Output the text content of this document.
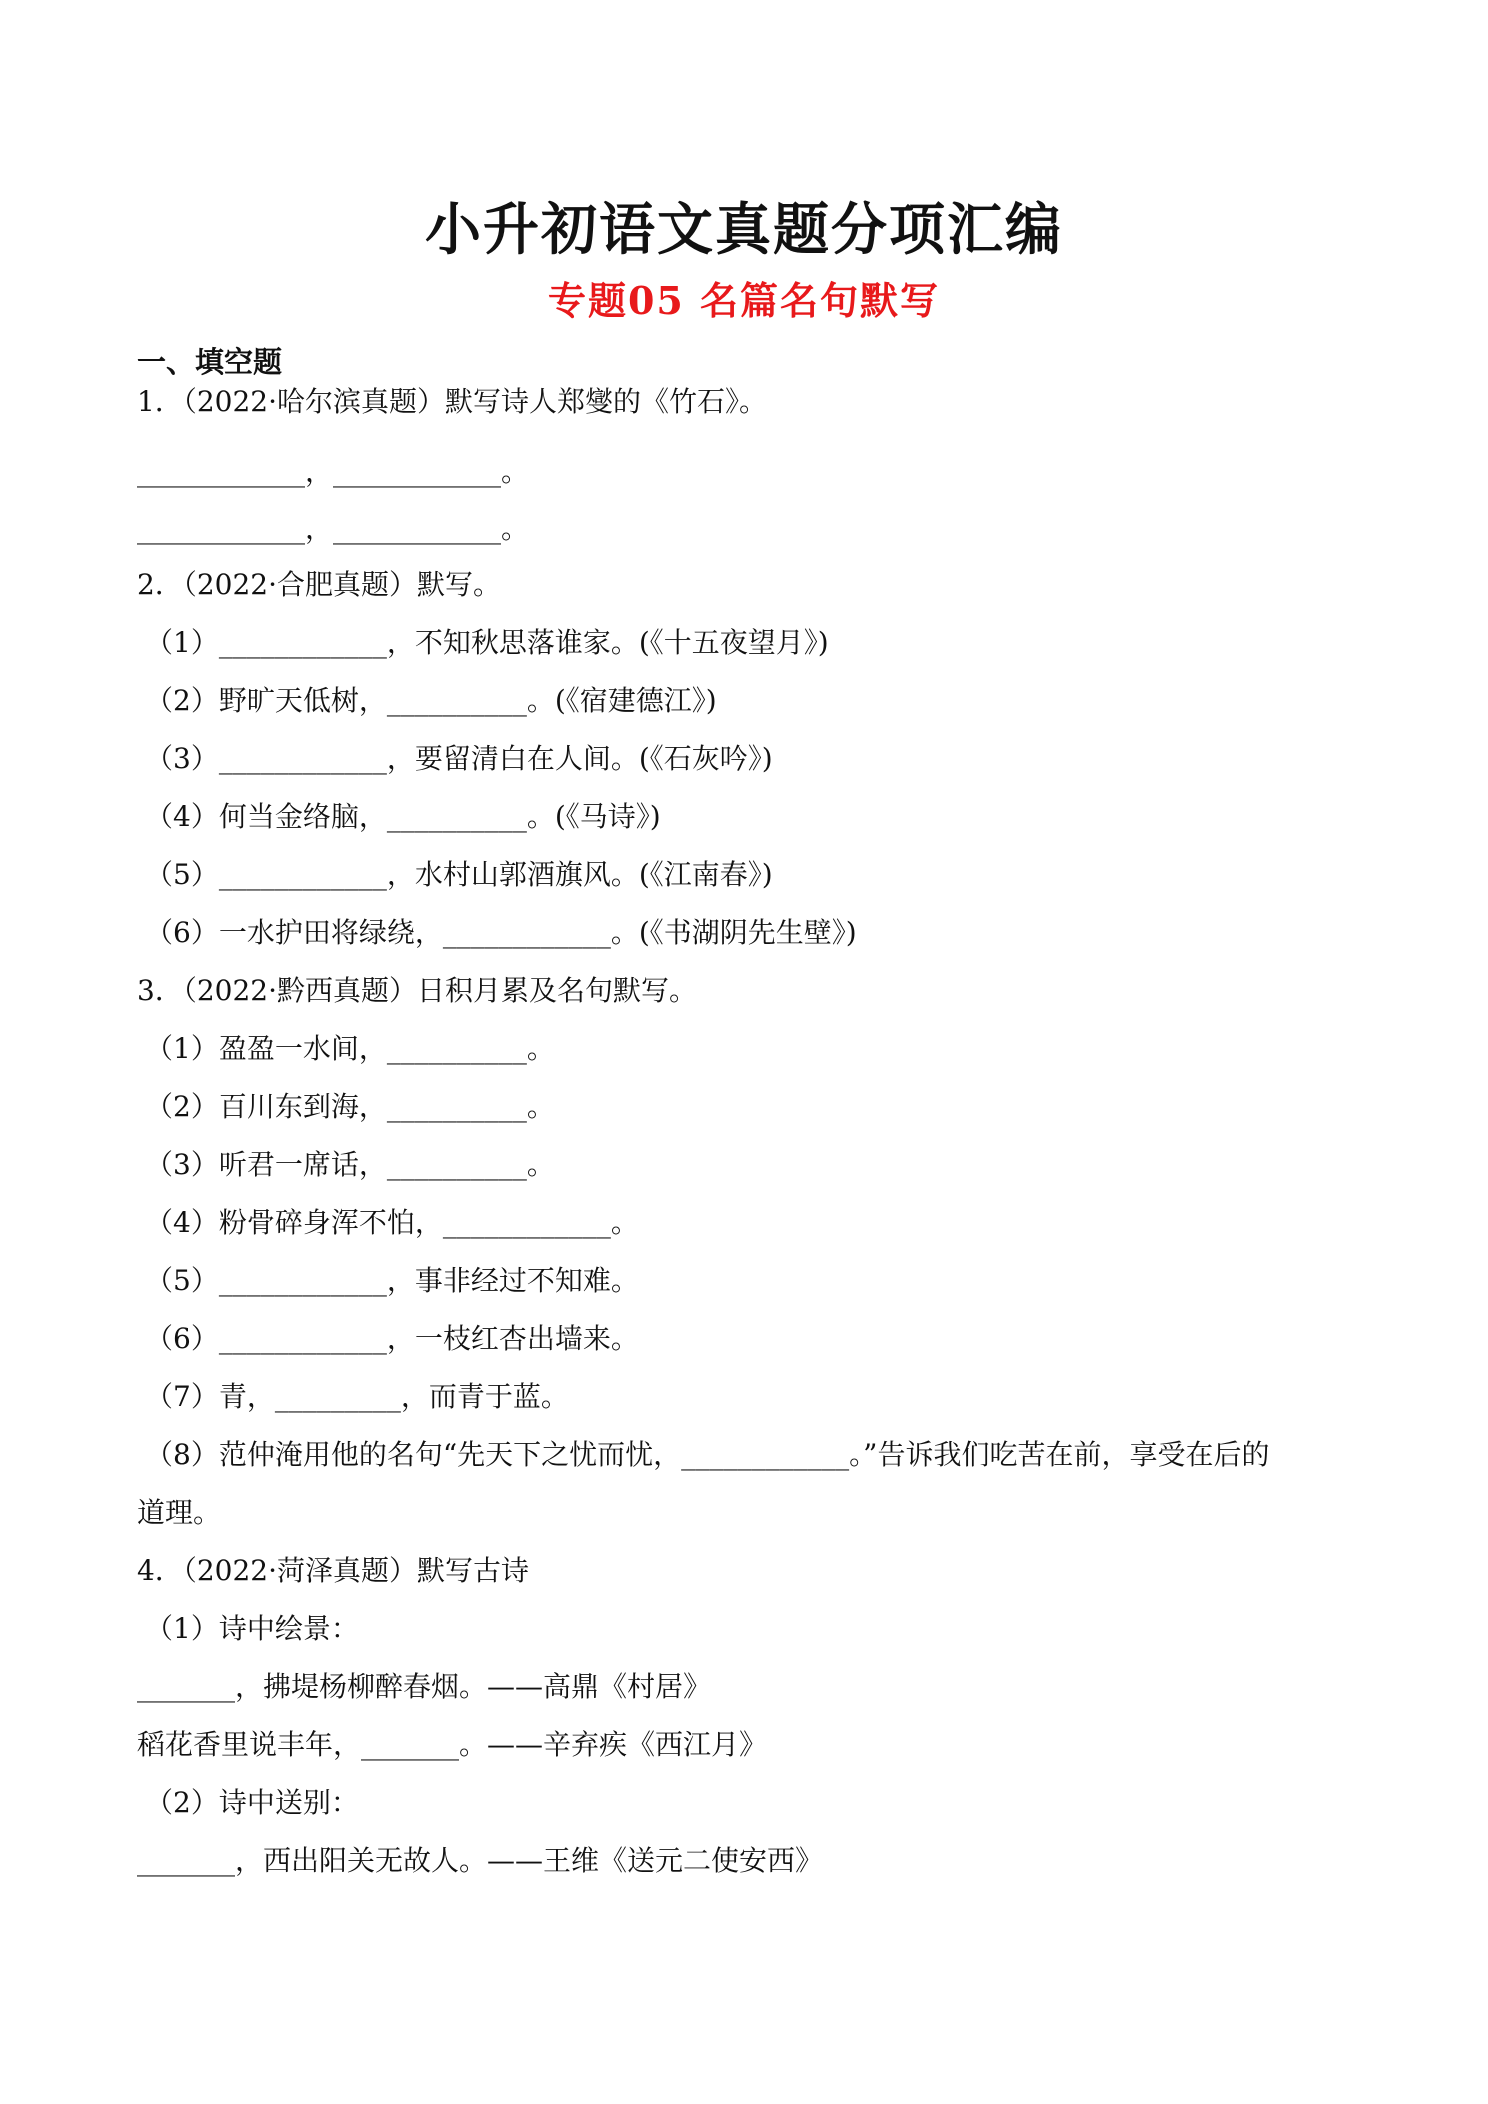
小升初语文真题分项汇编
专题05 名篇名句默写
一、填空题
1．（2022·哈尔滨真题）默写诗人郑燮的《竹石》。
____________，____________。
____________，____________。
2．（2022·合肥真题）默写。
（1）____________，不知秋思落谁家。(《十五夜望月》)
（2）野旷天低树，__________。(《宿建德江》)
（3）____________，要留清白在人间。(《石灰吟》)
（4）何当金络脑，__________。(《马诗》)
（5）____________，水村山郭酒旗风。(《江南春》)
（6）一水护田将绿绕，____________。(《书湖阴先生壁》)
3．（2022·黔西真题）日积月累及名句默写。
（1）盈盈一水间，__________。
（2）百川东到海，__________。
（3）听君一席话，__________。
（4）粉骨碎身浑不怕，____________。
（5）____________，事非经过不知难。
（6）____________，一枝红杏出墙来。
（7）青，_________，而青于蓝。
（8）范仲淹用他的名句“先天下之忧而忧，____________。”告诉我们吃苦在前，享受在后的
道理。
4．（2022·菏泽真题）默写古诗
（1）诗中绘景：
_______，拂堤杨柳醉春烟。——高鼎《村居》
稻花香里说丰年，_______。——辛弃疾《西江月》
（2）诗中送别：
_______，西出阳关无故人。——王维《送元二使安西》
